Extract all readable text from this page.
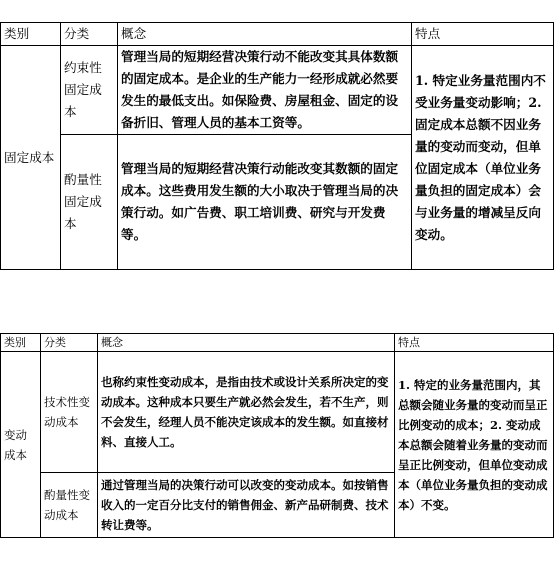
类别	分类	概念	特点
固定成本	约束性固定成本	管理当局的短期经营决策行动不能改变其具体数额的固定成本。是企业的生产能力一经形成就必然要发生的最低支出。如保险费、房屋租金、固定的设备折旧、管理人员的基本工资等。	1. 特定业务量范围内不受业务量变动影响；2. 固定成本总额不因业务量的变动而变动，但单位固定成本（单位业务量负担的固定成本）会与业务量的增减呈反向变动。
	酌量性固定成本	管理当局的短期经营决策行动能改变其数额的固定成本。这些费用发生额的大小取决于管理当局的决策行动。如广告费、职工培训费、研究与开发费等。	
类别	分类	概念	特点
变动成本	技术性变动成本	也称约束性变动成本，是指由技术或设计关系所决定的变动成本。这种成本只要生产就必然会发生，若不生产，则不会发生，经理人员不能决定该成本的发生额。如直接材料、直接人工。	1. 特定的业务量范围内，其总额会随业务量的变动而呈正比例变动的成本；2. 变动成本总额会随着业务量的变动而呈正比例变动，但单位变动成本（单位业务量负担的变动成本）不变。
	酌量性变动成本	通过管理当局的决策行动可以改变的变动成本。如按销售收入的一定百分比支付的销售佣金、新产品研制费、技术转让费等。	
